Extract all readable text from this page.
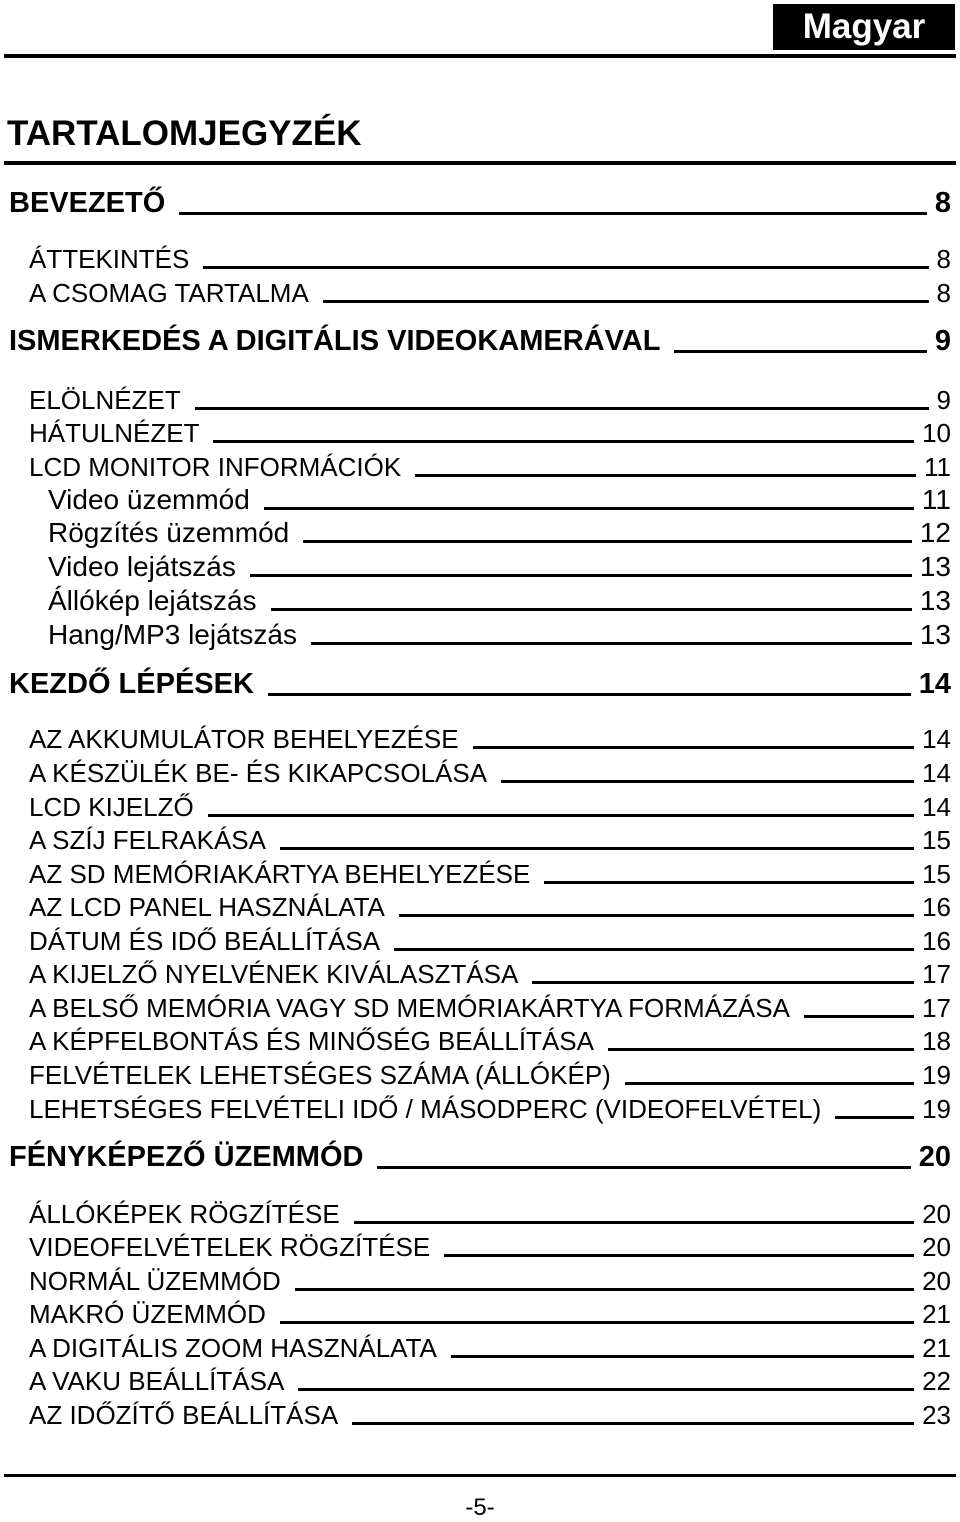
Magyar
TARTALOMJEGYZÉK
BEVEZETŐ	8
ÁTTEKINTÉS	8
A CSOMAG TARTALMA	8
ISMERKEDÉS A DIGITÁLIS VIDEOKAMERÁVAL	9
ELÖLNÉZET	9
HÁTULNÉZET	10
LCD MONITOR INFORMÁCIÓK	11
Video üzemmód	11
Rögzítés üzemmód	12
Video lejátszás	13
Állókép lejátszás	13
Hang/MP3 lejátszás	13
KEZDŐ LÉPÉSEK	14
AZ AKKUMULÁTOR BEHELYEZÉSE	14
A KÉSZÜLÉK BE- ÉS KIKAPCSOLÁSA	14
LCD KIJELZŐ	14
A SZÍJ FELRAKÁSA	15
AZ SD MEMÓRIAKÁRTYA BEHELYEZÉSE	15
AZ LCD PANEL HASZNÁLATA	16
DÁTUM ÉS IDŐ BEÁLLÍTÁSA	16
A KIJELZŐ NYELVÉNEK KIVÁLASZTÁSA	17
A BELSŐ MEMÓRIA VAGY SD MEMÓRIAKÁRTYA FORMÁZÁSA	17
A KÉPFELBONTÁS ÉS MINŐSÉG BEÁLLÍTÁSA	18
FELVÉTELEK LEHETSÉGES SZÁMA (ÁLLÓKÉP)	19
LEHETSÉGES FELVÉTELI IDŐ / MÁSODPERC (VIDEOFELVÉTEL)	19
FÉNYKÉPEZŐ ÜZEMMÓD	20
ÁLLÓKÉPEK RÖGZÍTÉSE	20
VIDEOFELVÉTELEK RÖGZÍTÉSE	20
NORMÁL ÜZEMMÓD	20
MAKRÓ ÜZEMMÓD	21
A DIGITÁLIS ZOOM HASZNÁLATA	21
A VAKU BEÁLLÍTÁSA	22
AZ IDŐZÍTŐ BEÁLLÍTÁSA	23
-5-
